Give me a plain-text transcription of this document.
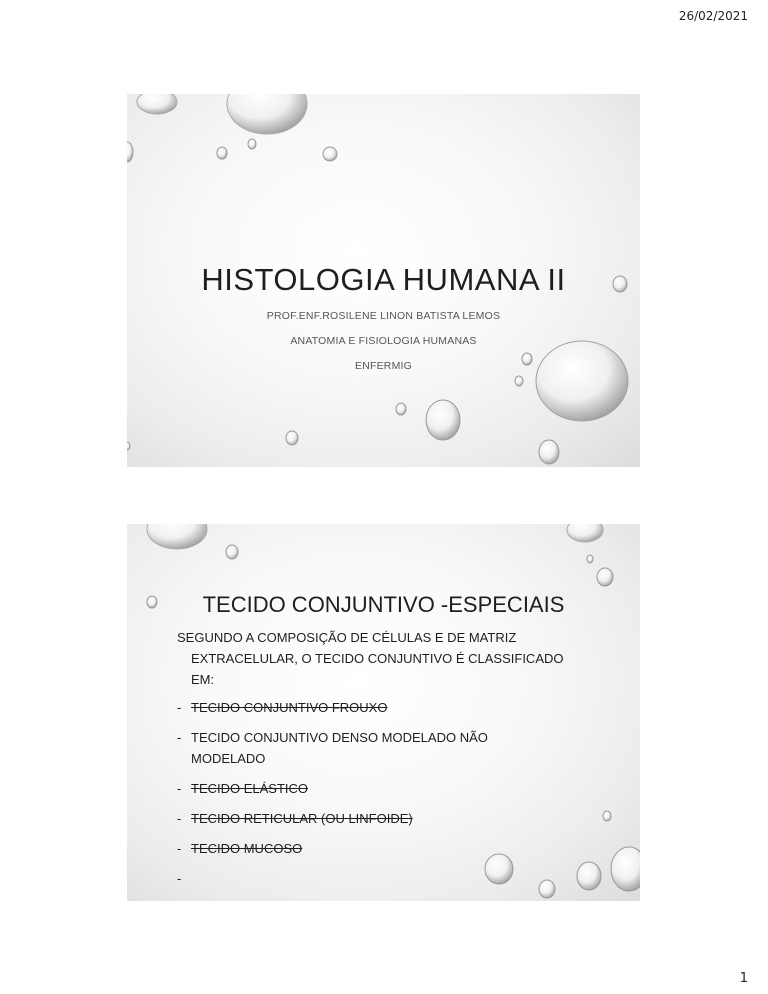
26/02/2021
HISTOLOGIA HUMANA II
PROF.ENF.ROSILENE LINON BATISTA LEMOS
ANATOMIA E FISIOLOGIA HUMANAS
ENFERMIG
TECIDO CONJUNTIVO -ESPECIAIS

SEGUNDO A COMPOSIÇÃO DE CÉLULAS E DE MATRIZ
EXTRACELULAR, O TECIDO CONJUNTIVO É CLASSIFICADO
EM:

- TECIDO CONJUNTIVO FROUXO
- TECIDO CONJUNTIVO DENSO MODELADO NÃO MODELADO
- TECIDO ELÁSTICO
- TECIDO RETICULAR (OU LINFOIDE)
- TECIDO MUCOSO
-
1
